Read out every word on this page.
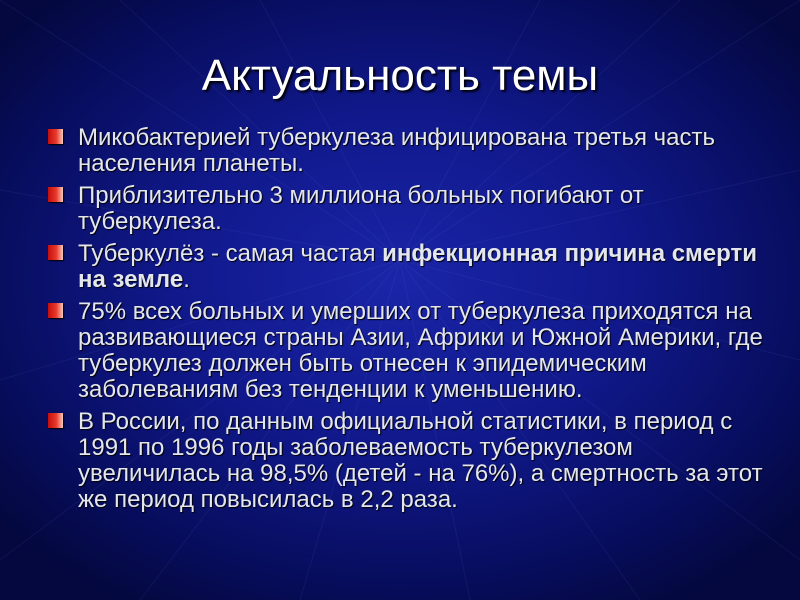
Актуальность темы
Микобактерией туберкулеза инфицирована третья часть населения планеты.
Приблизительно 3 миллиона больных погибают от туберкулеза.
Туберкулёз - самая частая инфекционная причина смерти на земле.
75% всех больных и умерших от туберкулеза приходятся на развивающиеся страны Азии, Африки и Южной Америки, где туберкулез должен быть отнесен к эпидемическим заболеваниям без тенденции к уменьшению.
В России, по данным официальной статистики, в период с 1991 по 1996 годы заболеваемость туберкулезом увеличилась на 98,5% (детей - на 76%), а смертность за этот же период повысилась в 2,2 раза.
